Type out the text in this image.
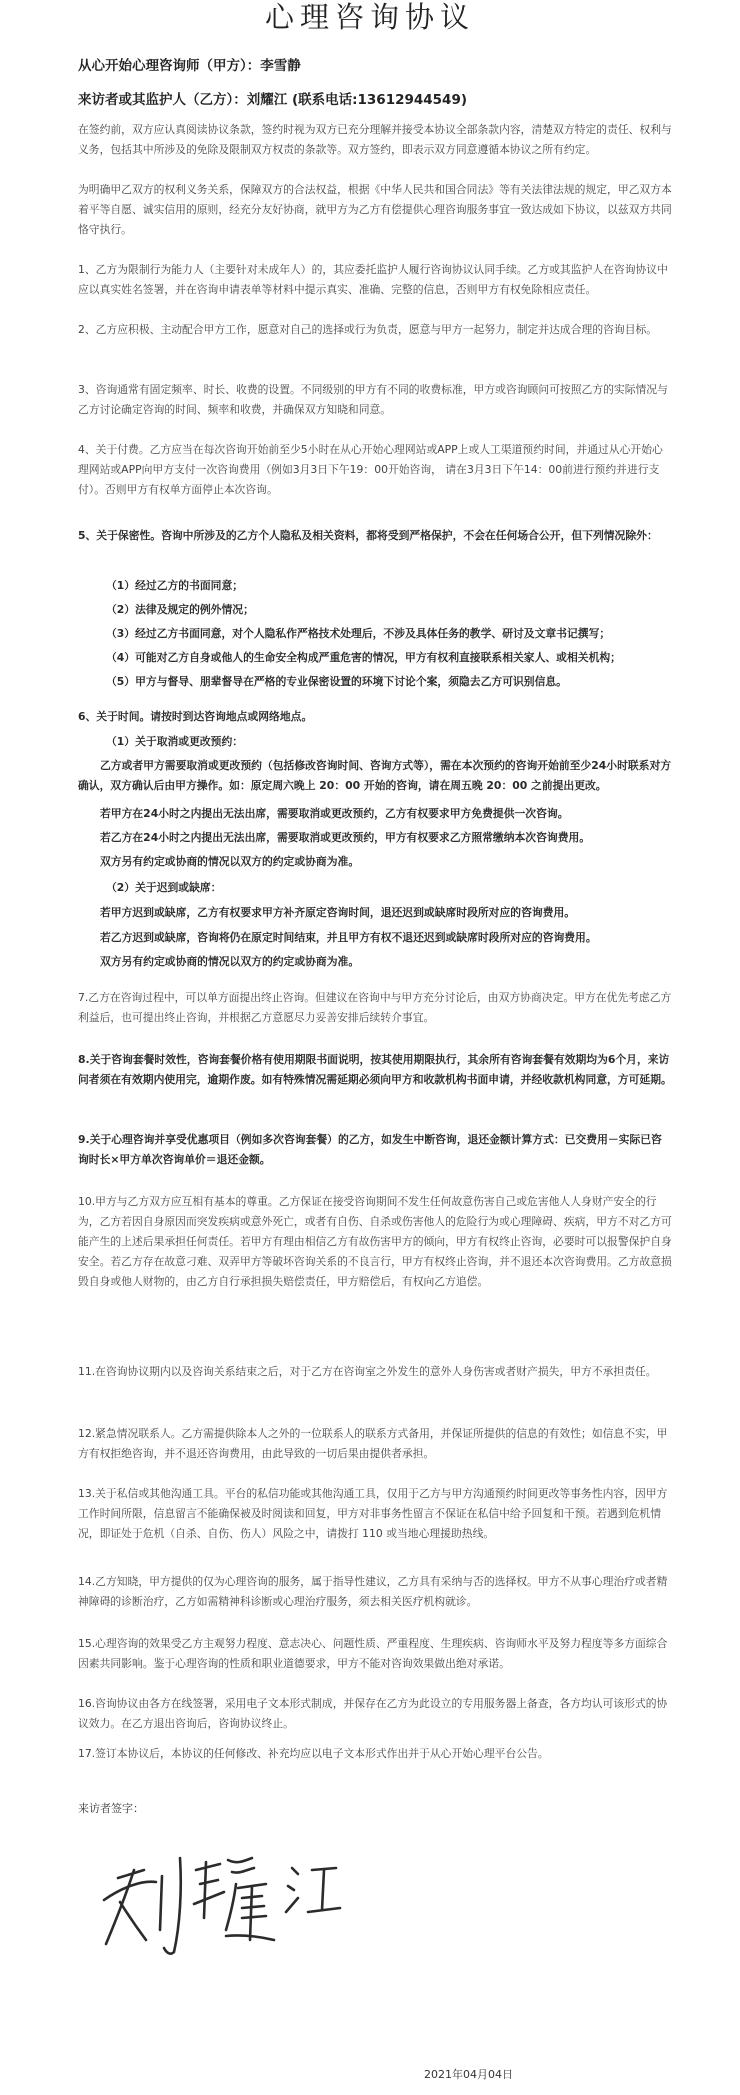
心理咨询协议
从心开始心理咨询师（甲方）：李雪静
来访者或其监护人（乙方）：刘耀江 (联系电话:13612944549)
在签约前，双方应认真阅读协议条款，签约时视为双方已充分理解并接受本协议全部条款内容，清楚双方特定的责任、权利与义务，包括其中所涉及的免除及限制双方权责的条款等。双方签约，即表示双方同意遵循本协议之所有约定。
为明确甲乙双方的权利义务关系，保障双方的合法权益，根据《中华人民共和国合同法》等有关法律法规的规定，甲乙双方本着平等自愿、诚实信用的原则，经充分友好协商，就甲方为乙方有偿提供心理咨询服务事宜一致达成如下协议，以兹双方共同恪守执行。
1、乙方为限制行为能力人（主要针对未成年人）的，其应委托监护人履行咨询协议认同手续。乙方或其监护人在咨询协议中应以真实姓名签署，并在咨询申请表单等材料中提示真实、准确、完整的信息，否则甲方有权免除相应责任。
2、乙方应积极、主动配合甲方工作，愿意对自己的选择或行为负责，愿意与甲方一起努力，制定并达成合理的咨询目标。
3、咨询通常有固定频率、时长、收费的设置。不同级别的甲方有不同的收费标准，甲方或咨询顾问可按照乙方的实际情况与乙方讨论确定咨询的时间、频率和收费，并确保双方知晓和同意。
4、关于付费。乙方应当在每次咨询开始前至少5小时在从心开始心理网站或APP上或人工渠道预约时间，并通过从心开始心理网站或APP向甲方支付一次咨询费用（例如3月3日下午19：00开始咨询， 请在3月3日下午14：00前进行预约并进行支付）。否则甲方有权单方面停止本次咨询。
5、关于保密性。咨询中所涉及的乙方个人隐私及相关资料，都将受到严格保护，不会在任何场合公开，但下列情况除外：
（1）经过乙方的书面同意；
（2）法律及规定的例外情况；
（3）经过乙方书面同意，对个人隐私作严格技术处理后，不涉及具体任务的教学、研讨及文章书记撰写；
（4）可能对乙方自身或他人的生命安全构成严重危害的情况，甲方有权利直接联系相关家人、或相关机构；
（5）甲方与督导、朋辈督导在严格的专业保密设置的环境下讨论个案，须隐去乙方可识别信息。
6、关于时间。请按时到达咨询地点或网络地点。
（1）关于取消或更改预约：
乙方或者甲方需要取消或更改预约（包括修改咨询时间、咨询方式等），需在本次预约的咨询开始前至少24小时联系对方确认，双方确认后由甲方操作。如：原定周六晚上 20：00 开始的咨询，请在周五晚 20：00 之前提出更改。
若甲方在24小时之内提出无法出席，需要取消或更改预约，乙方有权要求甲方免费提供一次咨询。
若乙方在24小时之内提出无法出席，需要取消或更改预约，甲方有权要求乙方照常缴纳本次咨询费用。
双方另有约定或协商的情况以双方的约定或协商为准。
（2）关于迟到或缺席：
若甲方迟到或缺席，乙方有权要求甲方补齐原定咨询时间，退还迟到或缺席时段所对应的咨询费用。
若乙方迟到或缺席，咨询将仍在原定时间结束，并且甲方有权不退还迟到或缺席时段所对应的咨询费用。
双方另有约定或协商的情况以双方的约定或协商为准。
7.乙方在咨询过程中，可以单方面提出终止咨询。但建议在咨询中与甲方充分讨论后，由双方协商决定。甲方在优先考虑乙方利益后，也可提出终止咨询，并根据乙方意愿尽力妥善安排后续转介事宜。
8.关于咨询套餐时效性，咨询套餐价格有使用期限书面说明，按其使用期限执行，其余所有咨询套餐有效期均为6个月，来访问者须在有效期内使用完，逾期作废。如有特殊情况需延期必须向甲方和收款机构书面申请，并经收款机构同意，方可延期。
9.关于心理咨询并享受优惠项目（例如多次咨询套餐）的乙方，如发生中断咨询，退还金额计算方式：已交费用－实际已咨询时长×甲方单次咨询单价＝退还金额。
10.甲方与乙方双方应互相有基本的尊重。乙方保证在接受咨询期间不发生任何故意伤害自己或危害他人人身财产安全的行为，乙方若因自身原因而突发疾病或意外死亡，或者有自伤、自杀或伤害他人的危险行为或心理障碍、疾病，甲方不对乙方可能产生的上述后果承担任何责任。若甲方有理由相信乙方有故伤害甲方的倾向，甲方有权终止咨询，必要时可以报警保护自身安全。若乙方存在故意刁难、双弄甲方等破坏咨询关系的不良言行，甲方有权终止咨询，并不退还本次咨询费用。乙方故意损毁自身或他人财物的，由乙方自行承担损失赔偿责任，甲方赔偿后，有权向乙方追偿。
11.在咨询协议期内以及咨询关系结束之后，对于乙方在咨询室之外发生的意外人身伤害或者财产损失，甲方不承担责任。
12.紧急情况联系人。乙方需提供除本人之外的一位联系人的联系方式备用，并保证所提供的信息的有效性；如信息不实，甲方有权拒绝咨询，并不退还咨询费用，由此导致的一切后果由提供者承担。
13.关于私信或其他沟通工具。平台的私信功能或其他沟通工具，仅用于乙方与甲方沟通预约时间更改等事务性内容，因甲方工作时间所限，信息留言不能确保被及时阅读和回复，甲方对非事务性留言不保证在私信中给予回复和干预。若遇到危机情况，即证处于危机（自杀、自伤、伤人）风险之中，请拨打 110 或当地心理援助热线。
14.乙方知晓，甲方提供的仅为心理咨询的服务，属于指导性建议，乙方具有采纳与否的选择权。甲方不从事心理治疗或者精神障碍的诊断治疗，乙方如需精神科诊断或心理治疗服务，须去相关医疗机构就诊。
15.心理咨询的效果受乙方主观努力程度、意志决心、问题性质、严重程度、生理疾病、咨询师水平及努力程度等多方面综合因素共同影响。鉴于心理咨询的性质和职业道德要求，甲方不能对咨询效果做出绝对承诺。
16.咨询协议由各方在线签署，采用电子文本形式制成，并保存在乙方为此设立的专用服务器上备查，各方均认可该形式的协议效力。在乙方退出咨询后，咨询协议终止。
17.签订本协议后，本协议的任何修改、补充均应以电子文本形式作出并于从心开始心理平台公告。
来访者签字：
2021年04月04日
